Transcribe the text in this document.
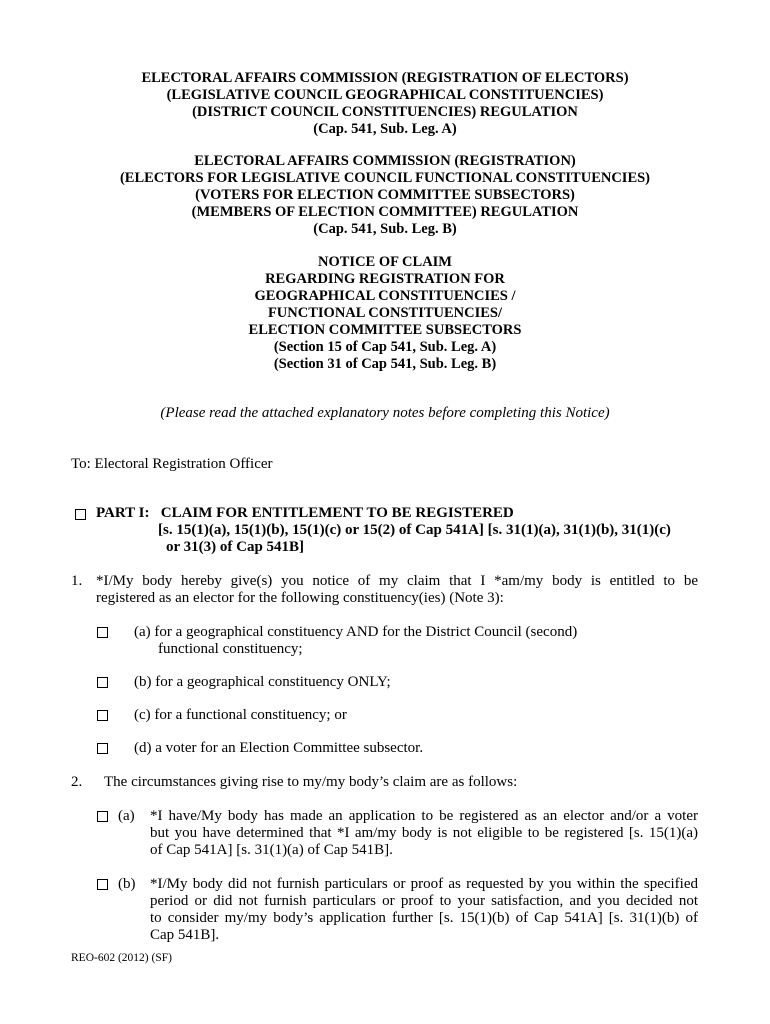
ELECTORAL AFFAIRS COMMISSION (REGISTRATION OF ELECTORS)
(LEGISLATIVE COUNCIL GEOGRAPHICAL CONSTITUENCIES)
(DISTRICT COUNCIL CONSTITUENCIES) REGULATION
(Cap. 541, Sub. Leg. A)
ELECTORAL AFFAIRS COMMISSION (REGISTRATION)
(ELECTORS FOR LEGISLATIVE COUNCIL FUNCTIONAL CONSTITUENCIES)
(VOTERS FOR ELECTION COMMITTEE SUBSECTORS)
(MEMBERS OF ELECTION COMMITTEE) REGULATION
(Cap. 541, Sub. Leg. B)
NOTICE OF CLAIM
REGARDING REGISTRATION FOR
GEOGRAPHICAL CONSTITUENCIES /
FUNCTIONAL CONSTITUENCIES/
ELECTION COMMITTEE SUBSECTORS
(Section 15 of Cap 541, Sub. Leg. A)
(Section 31 of Cap 541, Sub. Leg. B)
(Please read the attached explanatory notes before completing this Notice)
To: Electoral Registration Officer
PART I:   CLAIM FOR ENTITLEMENT TO BE REGISTERED
[s. 15(1)(a), 15(1)(b), 15(1)(c) or 15(2) of Cap 541A] [s. 31(1)(a), 31(1)(b), 31(1)(c)
or 31(3) of Cap 541B]
1. *I/My body hereby give(s) you notice of my claim that I *am/my body is entitled to be
registered as an elector for the following constituency(ies) (Note 3):
(a) for a geographical constituency AND for the District Council (second)
functional constituency;
(b) for a geographical constituency ONLY;
(c) for a functional constituency; or
(d) a voter for an Election Committee subsector.
2. The circumstances giving rise to my/my body’s claim are as follows:
(a) *I have/My body has made an application to be registered as an elector and/or a voter
but you have determined that *I am/my body is not eligible to be registered [s. 15(1)(a)
of Cap 541A] [s. 31(1)(a) of Cap 541B].
(b) *I/My body did not furnish particulars or proof as requested by you within the specified
period or did not furnish particulars or proof to your satisfaction, and you decided not
to consider my/my body’s application further [s. 15(1)(b) of Cap 541A] [s. 31(1)(b) of
Cap 541B].
REO-602 (2012) (SF)
